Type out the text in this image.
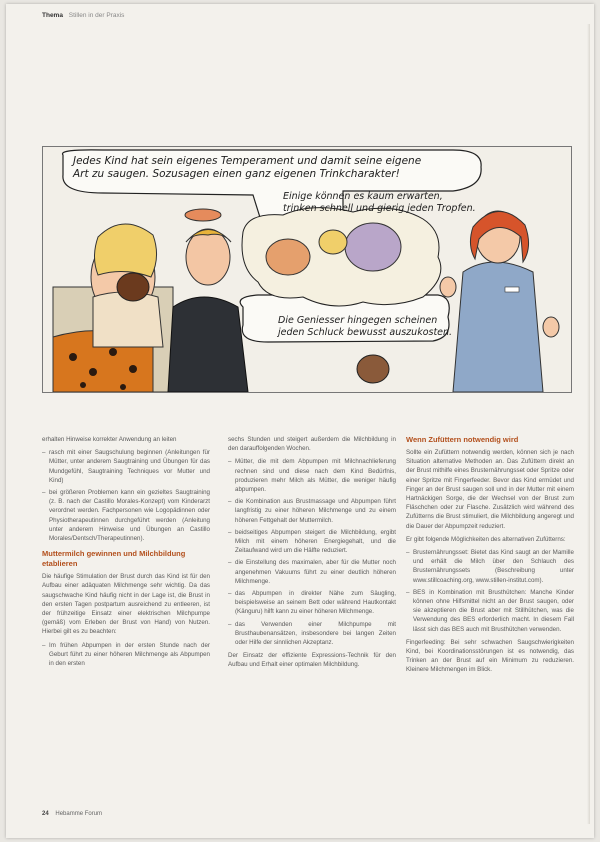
Thema Stillen in der Praxis
Jedes Kind hat sein eigenes Temperament und damit seine eigene
Art zu saugen. Sozusagen einen ganz eigenen Trinkcharakter!
Einige können es kaum erwarten,
trinken schnell und gierig jeden Tropfen.
Die Geniesser hingegen scheinen
jeden Schluck bewusst auszukosten.

erhalten Hinweise korrekter Anwendung an leiten

– rasch mit einer Saugschulung beginnen (Anleitungen für Mütter, unter anderem Saugtraining und Übungen für das Mundgefühl, Saugtraining Techniques vor Mutter und Kind)
– bei größeren Problemen kann ein gezieltes Saugtraining (z. B. nach der Castillo Morales-Konzept) vom Kinderarzt verordnet werden. Fachpersonen wie Logopädinnen oder Physiotherapeutinnen durchgeführt werden (Anleitung unter anderem Hinweise und Übungen an Castillo Morales/Dentsch/Therapeutinnen).
Muttermilch gewinnen und Milchbildung etablieren

Die häufige Stimulation der Brust durch das Kind ist für den Aufbau einer adäquaten Milchmenge sehr wichtig. Da das saugschwache Kind häufig nicht in der Lage ist, die Brust in den ersten Tagen postpartum ausreichend zu entleeren, ist der frühzeitige Einsatz einer elektrischen Milchpumpe (gemäß) vom Erleben der Brust von Hand) von Nutzen. Hierbei gilt es zu beachten:

– Im frühen Abpumpen in der ersten Stunde nach der Geburt führt zu einer höheren Milchmenge als Abpumpen in den ersten

sechs Stunden und steigert außerdem die Milchbildung in den darauffolgenden Wochen.

– Mütter, die mit dem Abpumpen mit Milchnachlieferung rechnen sind und diese nach dem Kind Bedürfnis, produzieren mehr Milch als Mütter, die weniger häufig abpumpen.
– die Kombination aus Brustmassage und Abpumpen führt langfristig zu einer höheren Milchmenge und zu einem höheren Fettgehalt der Muttermilch.
– beidseitiges Abpumpen steigert die Milchbildung, ergibt Milch mit einem höheren Energiegehalt, und die Zeitaufwand wird um die Hälfte reduziert.
– die Einstellung des maximalen, aber für die Mutter noch angenehmen Vakuums führt zu einer deutlich höheren Milchmenge.
– das Abpumpen in direkter Nähe zum Säugling, beispielsweise an seinem Bett oder während Hautkontakt (Känguru) hilft kann zu einer höheren Milchmenge.
– das Verwenden einer Milchpumpe mit Brusthaubenansätzen, insbesondere bei langen Zeiten oder Hilfe der sinnlichen Akzeptanz.

Der Einsatz der effiziente Expressions-Technik für den Aufbau und Erhalt einer optimalen Milchbildung.

Wenn Zufüttern notwendig wird

Sollte ein Zufüttern notwendig werden, können sich je nach Situation alternative Methoden an. Das Zufüttern direkt an der Brust mithilfe eines Brusternährungsset oder Spritze oder einer Spritze mit Fingerfeeder. Bevor das Kind ermüdet und Finger an der Brust saugen soll und in der Mutter mit einem Hartnäckigen Sorge, die der Wechsel von der Brust zum Fläschchen oder zur Flasche. Zusätzlich wird während des Zufütterns die Brust stimuliert, die Milchbildung angeregt und die Dauer der Abpumpzeit reduziert.

Er gibt folgende Möglichkeiten des alternativen Zufütterns:

– Brusternährungsset: Bietet das Kind saugt an der Mamille und erhält die Milch über den Schlauch des Brusternährungssets (Beschreibung unter www.stillcoaching.org, www.stillen-institut.com).
– BES in Kombination mit Brusthütchen: Manche Kinder können ohne Hilfsmittel nicht an der Brust saugen, oder sie akzeptieren die Brust aber mit Stillhütchen, was die Verwendung des BES erforderlich macht. In diesem Fall lässt sich das BES auch mit Brusthütchen verwenden.

Fingerfeeding: Bei sehr schwachen Saugschwierigkeiten Kind, bei Koordinationsstörungen ist es notwendig, das Trinken an der Brust auf ein Minimum zu reduzieren. Kleinere Milchmengen im Blick.

24 Hebamme Forum
